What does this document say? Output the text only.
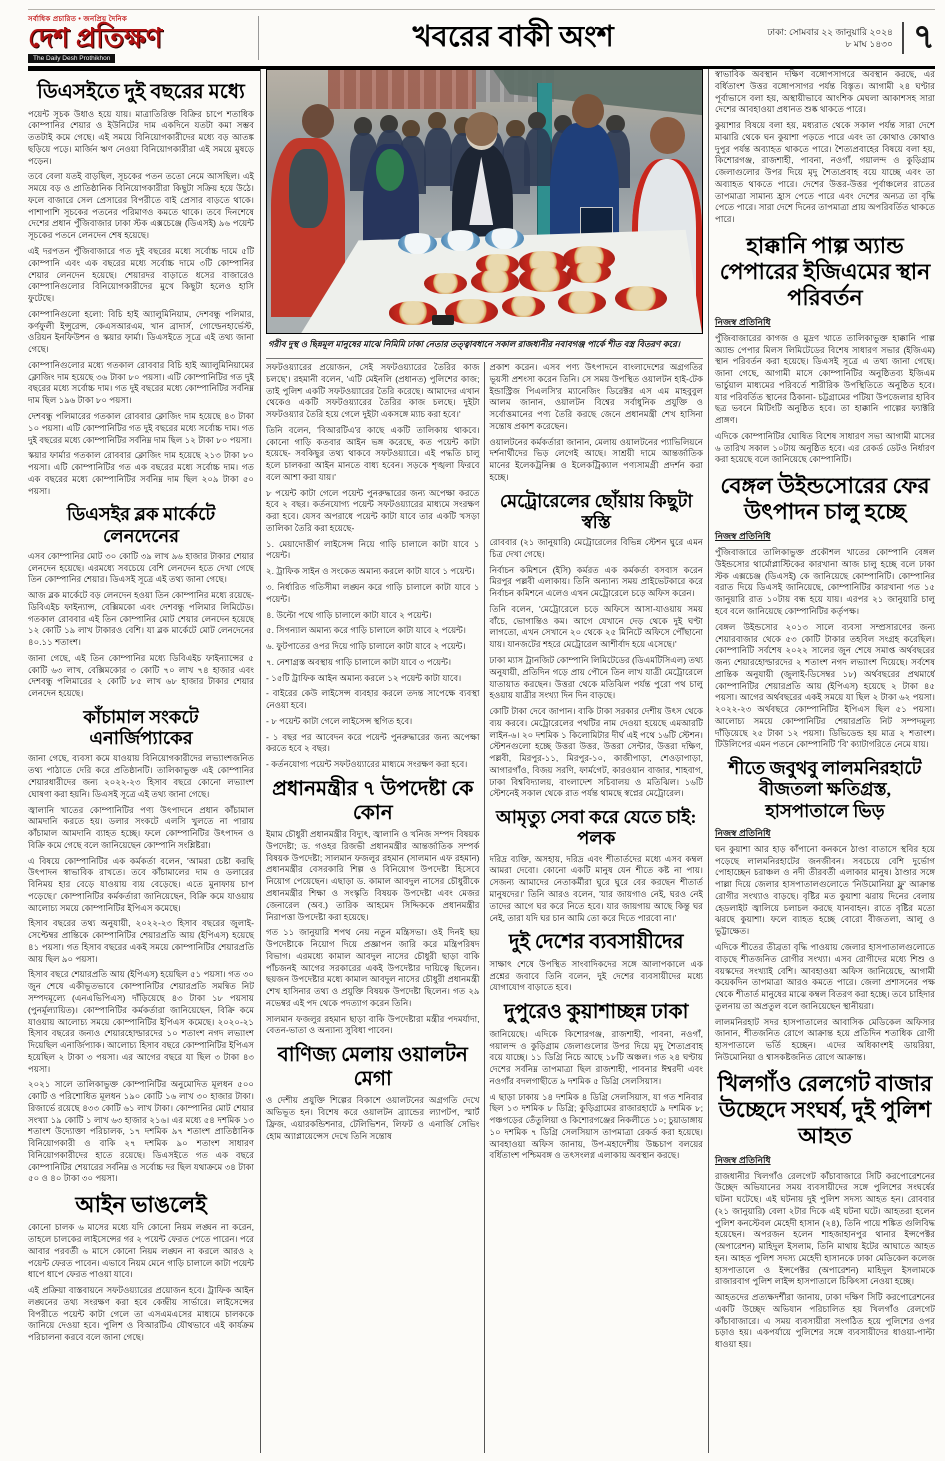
সর্বাধিক প্রচারিত • জনপ্রিয় দৈনিক
দেশ প্রতিক্ষণ
The Daily Desh Prothikhon
খবরের বাকী অংশ	ঢাকা: সোমবার ২২ জানুয়ারি ২০২৪
৮ মাঘ ১৪৩০ ৭
ডিএসইতে দুই বছরের মধ্যে

পয়েন্ট সূচক উধাও হয়ে যায়। মাত্রাতিরিক্ত বিক্রির চাপে শতাধিক কোম্পানির শেয়ার ও ইউনিটের দাম একদিনে যতটা কমা সম্ভব ততটাই কমে গেছে। এই সময়ে বিনিয়োগকারীদের মধ্যে বড় আতঙ্ক ছড়িয়ে পড়ে। মার্জিন ঋণ নেওয়া বিনিয়োগকারীরা এই সময়ে মুষড়ে পড়েন।

তবে বেলা যতই বাড়ছিল, সূচকের পতন ততো নেমে আসছিল। এই সময়ে বড় ও প্রাতিষ্ঠানিক বিনিয়োগকারীরা কিছুটা সক্রিয় হয়ে উঠে। ফলে বাজারে সেল প্রেসারের বিপরীতে বাই প্রেসার বাড়তে থাকে। পাশাপাশি সূচকের পতনের পরিমাণও কমতে থাকে। তবে দিনশেষে দেশের প্রধান পুঁজিবাজার ঢাকা স্টক এক্সচেঞ্জে (ডিএসই) ৯৬ পয়েন্ট সূচকের পতনে লেনদেন শেষ হয়েছে।

এই দরপতন পুঁজিবাজারে গত দুই বছরের মধ্যে সর্বোচ্চ দামে ৫টি কোম্পানি এবং এক বছরের মধ্যে সর্বোচ্চ দামে ৩টি কোম্পানির শেয়ার লেনদেন হয়েছে। শেয়ারদর বাড়াতে ধসের বাজারেও কোম্পানিগুলোর বিনিয়োগকারীদের মুখে কিছুটা হলেও হাসি ফুটেছে।

কোম্পানিগুলো হলো: বিচি হাই অ্যালুমিনিয়াম, দেশবন্ধু পলিমার, কর্ণফুলী ইন্সুরেন্স, কেএসআরএম, খান ব্রাদার্স, গোল্ডেনহার্ভেস্ট, ওরিয়ন ইনফিউশন ও স্কয়ার ফার্মা। ডিএসইতে সূত্রে এই তথ্য জানা গেছে।

কোম্পানিগুলোর মধ্যে গতকাল রোববার বিচি হাই অ্যালুমিনিয়ামের ক্লোজিং দাম হয়েছে ৩৬ টাকা ৮০ পয়সা। এটি কোম্পানিটির গত দুই বছরের মধ্যে সর্বোচ্চ দাম। গত দুই বছরের মধ্যে কোম্পানিটির সর্বনিম্ন দাম ছিল ১৯৬ টাকা ৮০ পয়সা।

দেশবন্ধু পলিমারের গতকাল রোববার ক্লোজিং দাম হয়েছে ৪৩ টাকা ১০ পয়সা। এটি কোম্পানিটির গত দুই বছরের মধ্যে সর্বোচ্চ দাম। গত দুই বছরের মধ্যে কোম্পানিটির সর্বনিম্ন দাম ছিল ১২ টাকা ৮০ পয়সা।

স্কয়ার ফার্মার গতকাল রোববার ক্লোজিং দাম হয়েছে ২১৩ টাকা ৮০ পয়সা। এটি কোম্পানিটির গত এক বছরের মধ্যে সর্বোচ্চ দাম। গত এক বছরের মধ্যে কোম্পানিটির সর্বনিম্ন দাম ছিল ২০৯ টাকা ৫০ পয়সা।

ডিএসইর ব্লক মার্কেটে লেনদেনের

এসব কোম্পানির মোট ৩০ কোটি ৩৯ লাখ ৯৬ হাজার টাকার শেয়ার লেনদেন হয়েছে। এরমধ্যে সবচেয়ে বেশি লেনদেন হতে দেখা গেছে তিন কোম্পানির শেয়ার। ডিএসই সূত্রে এই তথ্য জানা গেছে।

আজ ব্লক মার্কেটে বড় লেনদেন হওয়া তিন কোম্পানির মধ্যে রয়েছে- ডিবিএইচ ফাইন্যান্স, বেক্সিমকো এবং দেশবন্ধু পলিমার লিমিটেড। গতকাল রোববার এই তিন কোম্পানির মোট শেয়ার লেনদেন হয়েছে ১২ কোটি ১৯ লাখ টাকারও বেশি। যা ব্লক মার্কেটে মোট লেনদেনের ৪০.১১ শতাংশ।

জানা গেছে, এই তিন কোম্পানির মধ্যে ডিবিএইচ ফাইন্যান্সের ৫ কোটি ৬৩ লাখ, বেক্সিমকোর ৩ কোটি ৭০ লাখ ৭৪ হাজার এবং দেশবন্ধু পলিমারের ২ কোটি ৮৫ লাখ ৬৮ হাজার টাকার শেয়ার লেনদেন হয়েছে।

কাঁচামাল সংকটে এনার্জিপ্যাকের

জানা গেছে, ব্যবসা কমে যাওয়ায় বিনিয়োগকারীদের লভ্যাংশজনিত তথ্য পাঠাতে দেরি করে প্রতিষ্ঠানটি। তালিকাভুক্ত এই কোম্পানির শেয়ারধারীদের জন্য ২০২২-২৩ হিসাব বছরে কোনো লভ্যাংশ ঘোষণা করা হয়নি। ডিএসই সূত্রে এই তথ্য জানা গেছে।

জ্বালানি খাতের কোম্পানিটির পণ্য উৎপাদনে প্রধান কাঁচামাল আমদানি করতে হয়। ডলার সংকটে এলসি খুলতে না পারায় কাঁচামাল আমদানি ব্যাহত হচ্ছে। ফলে কোম্পানিটির উৎপাদন ও বিক্রি কমে গেছে বলে জানিয়েছেন কোম্পানি সংশ্লিষ্টরা।

এ বিষয়ে কোম্পানিটির এক কর্মকর্তা বলেন, 'আমরা চেষ্টা করছি উৎপাদন স্বাভাবিক রাখতে। তবে কাঁচামালের দাম ও ডলারের বিনিময় হার বেড়ে যাওয়ায় ব্যয় বেড়েছে। এতে মুনাফায় চাপ পড়েছে।' কোম্পানিটির কর্মকর্তারা জানিয়েছেন, বিক্রি কমে যাওয়ায় আলোচ্য সময়ে কোম্পানিটির ইপিএস কমেছে।

হিসাব বছরের তথ্য অনুযায়ী, ২০২২-২৩ হিসাব বছরের জুলাই-সেপ্টেম্বর প্রান্তিকে কোম্পানিটির শেয়ারপ্রতি আয় (ইপিএস) হয়েছে ৪১ পয়সা। গত হিসাব বছরের একই সময়ে কোম্পানিটির শেয়ারপ্রতি আয় ছিল ৯০ পয়সা।

হিসাব বছরে শেয়ারপ্রতি আয় (ইপিএস) হয়েছিল ৫১ পয়সা। গত ৩০ জুন শেষে একীভূতভাবে কোম্পানিটির শেয়ারপ্রতি সমন্বিত নিট সম্পদমূল্যে (এনএভিপিএস) দাঁড়িয়েছে ৪৩ টাকা ১৮ পয়সায় (পুনর্মূল্যায়িত)। কোম্পানিটির কর্মকর্তারা জানিয়েছেন, বিক্রি কমে যাওয়ায় আলোচ্য সময়ে কোম্পানিটির ইপিএস কমেছে। ২০২০-২১ হিসাব বছরের জন্যও শেয়ারহোল্ডারদের ১০ শতাংশ নগদ লভ্যাংশ দিয়েছিল এনার্জিপ্যাক। আলোচ্য হিসাব বছরে কোম্পানিটির ইপিএস হয়েছিল ২ টাকা ৩ পয়সা। এর আগের বছরে যা ছিল ৩ টাকা ৪৩ পয়সা।

২০২১ সালে তালিকাভুক্ত কোম্পানিটির অনুমোদিত মূলধন ৫০০ কোটি ও পরিশোধিত মূলধন ১৯০ কোটি ১৬ লাখ ৩০ হাজার টাকা। রিজার্ভে রয়েছে ৪৩৩ কোটি ৬১ লাখ টাকা। কোম্পানির মোট শেয়ার সংখ্যা ১৯ কোটি ১ লাখ ৬৩ হাজার ২১৬। এর মধ্যে ৫৪ দশমিক ১৩ শতাংশ উদ্যোক্তা পরিচালক, ১৭ দশমিক ৯৭ শতাংশ প্রাতিষ্ঠানিক বিনিয়োগকারী ও বাকি ২৭ দশমিক ৯০ শতাংশ সাধারণ বিনিয়োগকারীদের হাতে রয়েছে। ডিএসইতে গত এক বছরে কোম্পানিটির শেয়ারের সর্বনিম্ন ও সর্বোচ্চ দর ছিল যথাক্রমে ৩৪ টাকা ৫০ ও ৪০ টাকা ৩০ পয়সা।

আইন ভাঙলেই

কোনো চালক ৬ মাসের মধ্যে যদি কোনো নিয়ম লঙ্ঘন না করেন, তাহলে চালকের লাইসেন্সের গর ২ পয়েন্ট ফেরত পেতে পারেন। পরে আবার পরবর্তী ৬ মাসে কোনো নিয়ম লঙ্ঘন না করলে আরও ২ পয়েন্ট ফেরত পাবেন। এভাবে নিয়ম মেনে গাড়ি চালালে কাটা পয়েন্ট ধাপে ধাপে ফেরত পাওয়া যাবে।

এই প্রক্রিয়া বাস্তবায়নে সফটওয়্যারের প্রয়োজন হবে। ট্রাফিক আইন লঙ্ঘনের তথ্য সংরক্ষণ করা হবে কেন্দ্রীয় সার্ভারে। লাইসেন্সের বিপরীতে পয়েন্ট কাটা গেলে তা এসএমএসের মাধ্যমে চালককে জানিয়ে দেওয়া হবে। পুলিশ ও বিআরটিএ যৌথভাবে এই কার্যক্রম পরিচালনা করবে বলে জানা গেছে।

গরীব দুস্থ ও ছিন্নমূল মানুষের মাঝে নিমিমি ঢাকা নেতার তত্ত্বাবধানে সকাল রাজধানীর নবাবগঞ্জ পার্কে শীত বস্ত্র বিতরণ করে।

সফটওয়্যারের প্রয়োজন, সেই সফটওয়্যারের তৈরির কাজ চলছে'। রহমানী বলেন, 'এটি মেইনলি (প্রধানত) পুলিশের কাজ; তাই পুলিশ একটি সফটওয়্যারের তৈরি করেছে। আমাদের এখান থেকেও একটি সফটওয়্যারের তৈরির কাজ চলছে। দুইটা সফটওয়্যার তৈরি হয়ে গেলে দুইটা একসঙ্গে ম্যাচ করা হবে।'

তিনি বলেন, 'বিআরটিএ'র কাছে একটি তালিকায় থাকবে। কোনো গাড়ি কতবার আইন ভঙ্গ করেছে, কত পয়েন্ট কাটা হয়েছে- সবকিছুর তথ্য থাকবে সফটওয়্যারে। এই পদ্ধতি চালু হলে চালকরা আইন মানতে বাধ্য হবেন। সড়কে শৃঙ্খলা ফিরবে বলে আশা করা যায়।'

৮ পয়েন্ট কাটা গেলে পয়েন্ট পুনরুদ্ধারের জন্য অপেক্ষা করতে হবে ২ বছর। কর্তনযোগ্য পয়েন্ট সফটওয়্যারের মাধ্যমে সংরক্ষণ করা হবে। যেসব অপরাধে পয়েন্ট কাটা যাবে তার একটি খসড়া তালিকা তৈরি করা হয়েছে-

১. মেয়াদোত্তীর্ণ লাইসেন্স নিয়ে গাড়ি চালালে কাটা যাবে ১ পয়েন্ট।

২. ট্রাফিক সাইন ও সংকেত অমান্য করলে কাটা যাবে ১ পয়েন্ট।

৩. নির্ধারিত গতিসীমা লঙ্ঘন করে গাড়ি চালালে কাটা যাবে ১ পয়েন্ট।

৪. উল্টো পথে গাড়ি চালালে কাটা যাবে ২ পয়েন্ট।

৫. সিগন্যাল অমান্য করে গাড়ি চালালে কাটা যাবে ২ পয়েন্ট।

৬. ফুটপাতের ওপর দিয়ে গাড়ি চালালে কাটা যাবে ২ পয়েন্ট।

৭. নেশাগ্রস্ত অবস্থায় গাড়ি চালালে কাটা যাবে ৩ পয়েন্ট।

- ১৫টি ট্রাফিক আইন অমান্য করলে ১২ পয়েন্ট কাটা যাবে।

- বাইরের কেউ লাইসেন্স ব্যবহার করলে তদন্ত সাপেক্ষে ব্যবস্থা নেওয়া হবে।

- ৮ পয়েন্ট কাটা গেলে লাইসেন্স স্থগিত হবে।

- ১ বছর পর আবেদন করে পয়েন্ট পুনরুদ্ধারের জন্য অপেক্ষা করতে হবে ২ বছর।

- কর্তনযোগ্য পয়েন্ট সফটওয়্যারের মাধ্যমে সংরক্ষণ করা হবে।

প্রধানমন্ত্রীর ৭ উপদেষ্টা কে কোন

ইমাম চৌধুরী প্রধানমন্ত্রীর বিদ্যুৎ, জ্বালানি ও খনিজ সম্পদ বিষয়ক উপদেষ্টা; ড. গওহর রিজভী প্রধানমন্ত্রীর আন্তর্জাতিক সম্পর্ক বিষয়ক উপদেষ্টা; সালমান ফজলুর রহমান (সালমান এফ রহমান) প্রধানমন্ত্রীর বেসরকারি শিল্প ও বিনিয়োগ উপদেষ্টা হিসেবে নিয়োগ পেয়েছেন। এছাড়া ড. কামাল আবদুল নাসের চৌধুরীকে প্রধানমন্ত্রীর শিক্ষা ও সংস্কৃতি বিষয়ক উপদেষ্টা এবং মেজর জেনারেল (অব.) তারিক আহমেদ সিদ্দিককে প্রধানমন্ত্রীর নিরাপত্তা উপদেষ্টা করা হয়েছে।

গত ১১ জানুয়ারি শপথ নেয় নতুন মন্ত্রিসভা। ওই দিনই ছয় উপদেষ্টাকে নিয়োগ দিয়ে প্রজ্ঞাপন জারি করে মন্ত্রিপরিষদ বিভাগ। এরমধ্যে কামাল আবদুল নাসের চৌধুরী ছাড়া বাকি পাঁচজনই আগের সরকারের একই উপদেষ্টার দায়িত্বে ছিলেন। ছয়জন উপদেষ্টার মধ্যে কামাল আবদুল নাসের চৌধুরী প্রধানমন্ত্রী শেখ হাসিনার তথ্য ও প্রযুক্তি বিষয়ক উপদেষ্টা ছিলেন। গত ২৯ নভেম্বর এই পদ থেকে পদত্যাগ করেন তিনি।

সালমান ফজলুর রহমান ছাড়া বাকি উপদেষ্টারা মন্ত্রীর পদমর্যাদা, বেতন-ভাতা ও অন্যান্য সুবিধা পাবেন।

বাণিজ্য মেলায় ওয়ালটন মেগা

ও দেশীয় প্রযুক্তি শিল্পের বিকাশে ওয়ালটনের অগ্রগতি দেখে অভিভূত হন। বিশেষ করে ওয়ালটন ব্র্যান্ডের ল্যাপটপ, স্মার্ট ফ্রিজ, এয়ারকন্ডিশনার, টেলিভিশন, লিফট ও এনার্জি সেভিং হোম অ্যাপ্লায়েন্সেস দেখে তিনি সন্তোষ

প্রকাশ করেন। এসব পণ্য উৎপাদনে বাংলাদেশের অগ্রগতির ভূয়সী প্রশংসা করেন তিনি। সে সময় উপস্থিত ওয়ালটন হাই-টেক ইন্ডাস্ট্রিজ পিএলসি'র ম্যানেজিং ডিরেক্টর এস এম মাহবুবুল আলম জানান, ওয়ালটন বিশ্বের সর্বাধুনিক প্রযুক্তি ও সর্বোত্তমানের পণ্য তৈরি করছে জেনে প্রধানমন্ত্রী শেখ হাসিনা সন্তোষ প্রকাশ করেছেন।

ওয়ালটনের কর্মকর্তারা জানান, মেলায় ওয়ালটনের প্যাভিলিয়নে দর্শনার্থীদের ভিড় লেগেই আছে। সাশ্রয়ী দামে আন্তর্জাতিক মানের ইলেকট্রনিক্স ও ইলেকট্রিক্যাল পণ্যসামগ্রী প্রদর্শন করা হচ্ছে।

মেট্রোরেলের ছোঁয়ায় কিছুটা স্বস্তি

রোববার (২১ জানুয়ারি) মেট্রোরেলের বিভিন্ন স্টেশন ঘুরে এমন চিত্র দেখা গেছে।

নির্বাচন কমিশনে (ইসি) কর্মরত এক কর্মকর্তা বসবাস করেন মিরপুর পল্লবী এলাকায়। তিনি অন্যান্য সময় প্রাইভেটকারে করে নির্বাচন কমিশনে এলেও এখন মেট্রোরেলে চড়ে অফিস করেন।

তিনি বলেন, 'মেট্রোরেলে চড়ে অফিসে আসা-যাওয়ায় সময় বাঁচে, ভোগান্তিও কম। আগে যেখানে দেড় থেকে দুই ঘণ্টা লাগতো, এখন সেখানে ২০ থেকে ২৫ মিনিটে অফিসে পৌঁছানো যায়। যানজটের শহরে মেট্রোরেল আশীর্বাদ হয়ে এসেছে।'

ঢাকা ম্যাস ট্রানজিট কোম্পানি লিমিটেডের (ডিএমটিসিএল) তথ্য অনুযায়ী, প্রতিদিন গড়ে প্রায় পৌনে তিন লাখ যাত্রী মেট্রোরেলে যাতায়াত করছেন। উত্তরা থেকে মতিঝিল পর্যন্ত পুরো পথ চালু হওয়ায় যাত্রীর সংখ্যা দিন দিন বাড়ছে।

কোটি টাকা দেবে জাপান। বাকি টাকা সরকার দেশীয় উৎস থেকে ব্যয় করবে। মেট্রোরেলের পথটির নাম দেওয়া হয়েছে এমআরটি লাইন-৬। ২০ দশমিক ১ কিলোমিটার দীর্ঘ এই পথে ১৬টি স্টেশন। স্টেশনগুলো হচ্ছে উত্তরা উত্তর, উত্তরা সেন্টার, উত্তরা দক্ষিণ, পল্লবী, মিরপুর-১১, মিরপুর-১০, কাজীপাড়া, শেওড়াপাড়া, আগারগাঁও, বিজয় সরণি, ফার্মগেট, কারওয়ান বাজার, শাহবাগ, ঢাকা বিশ্ববিদ্যালয়, বাংলাদেশ সচিবালয় ও মতিঝিল। ১৬টি স্টেশনেই সকাল থেকে রাত পর্যন্ত থামছে স্বপ্নের মেট্রোরেল।

আমৃত্যু সেবা করে যেতে চাই: পলক

দরিদ্র ব্যক্তি, অসহায়, দরিদ্র এবং শীতার্তদের মধ্যে এসব কম্বল আমরা দেবো। কোনো একটি মানুষ যেন শীতে কষ্ট না পায়। সেজন্য আমাদের নেতাকর্মীরা ঘুরে ঘুরে বের করছেন শীতার্ত মানুষদের।' তিনি আরও বলেন, 'যার জায়গাও নেই, ঘরও নেই তাদের আগে ঘর করে নিতে হবে। যার জায়গায় আছে কিন্তু ঘর নেই, তারা যদি ঘর চান আমি তো করে দিতে পারবো না।'

দুই দেশের ব্যবসায়ীদের

সাক্ষাৎ শেষে উপস্থিত সাংবাদিকদের সঙ্গে আলাপকালে এক প্রশ্নের জবাবে তিনি বলেন, দুই দেশের ব্যবসায়ীদের মধ্যে যোগাযোগ বাড়াতে হবে।

দুপুরেও কুয়াশাচ্ছন্ন ঢাকা

জানিয়েছে। এদিকে কিশোরগঞ্জ, রাজশাহী, পাবনা, নওগাঁ, গয়ালন্দ ও কুড়িগ্রাম জেলাগুলোর উপর দিয়ে মৃদু শৈত্যপ্রবাহ বয়ে যাচ্ছে। ১১ ডিগ্রি নিচে আছে ১৮টি অঞ্চল। গত ২৪ ঘণ্টায় দেশের সর্বনিম্ন তাপমাত্রা ছিল রাজশাহী, পাবনার ঈশ্বরদী এবং নওগাঁর বদলগাছীতে ৯ দশমিক ৫ ডিগ্রি সেলসিয়াস।

এ ছাড়া ঢাকায় ১৪ দশমিক ৪ ডিগ্রি সেলসিয়াস, যা গত শনিবার ছিল ১৩ দশমিক ৮ ডিগ্রি; কুড়িগ্রামের রাজারহাটে ৯ দশমিক ৮; পঞ্চগড়ের তেঁতুলিয়া ও কিশোরগঞ্জের নিকলীতে ১০; চুয়াডাঙ্গায় ১০ দশমিক ৭ ডিগ্রি সেলসিয়াস তাপমাত্রা রেকর্ড করা হয়েছে। আবহাওয়া অফিস জানায়, উপ-মহাদেশীয় উচ্চচাপ বলয়ের বর্ধিতাংশ পশ্চিমবঙ্গ ও তৎসংলগ্ন এলাকায় অবস্থান করছে।

স্বাভাবিক অবস্থান দক্ষিণ বঙ্গোপসাগরে অবস্থান করছে, এর বর্ধিতাংশ উত্তর বঙ্গোপসাগর পর্যন্ত বিস্তৃত। আগামী ২৪ ঘণ্টার পূর্বাভাসে বলা হয়, অস্থায়ীভাবে আংশিক মেঘলা আকাশসহ সারা দেশের আবহাওয়া প্রধানত শুষ্ক থাকতে পারে।

কুয়াশার বিষয়ে বলা হয়, মধ্যরাত থেকে সকাল পর্যন্ত সারা দেশে মাঝারি থেকে ঘন কুয়াশা পড়তে পারে এবং তা কোথাও কোথাও দুপুর পর্যন্ত অব্যাহত থাকতে পারে। শৈত্যপ্রবাহের বিষয়ে বলা হয়, কিশোরগঞ্জ, রাজশাহী, পাবনা, নওগাঁ, গয়ালন্দ ও কুড়িগ্রাম জেলাগুলোর উপর দিয়ে মৃদু শৈত্যপ্রবাহ বয়ে যাচ্ছে এবং তা অব্যাহত থাকতে পারে। দেশের উত্তর-উত্তর পূর্বাঞ্চলের রাতের তাপমাত্রা সামান্য হ্রাস পেতে পারে এবং দেশের অন্যত্র তা বৃদ্ধি পেতে পারে। সারা দেশে দিনের তাপমাত্রা প্রায় অপরিবর্তিত থাকতে পারে।

হাক্কানি পাল্প অ্যান্ড পেপারের ইজিএমের স্থান পরিবর্তন
নিজস্ব প্রতিনিধি

পুঁজিবাজারের কাগজ ও মুদ্রণ খাতে তালিকাভুক্ত হাক্কানি পাল্প অ্যান্ড পেপার মিলস লিমিটেডের বিশেষ সাধারণ সভার (ইজিএম) স্থান পরিবর্তন করা হয়েছে। ডিএসই সূত্রে এ তথ্য জানা গেছে। জানা গেছে, আগামী মাসে কোম্পানিটির অনুষ্ঠিতব্য ইজিএম ভার্চুয়াল মাধ্যমের পরিবর্তে শারীরিক উপস্থিতিতে অনুষ্ঠিত হবে। যার পরিবর্তিত স্থানের ঠিকানা- চট্টগ্রামের পটিয়া উপজেলার হাবিব ছত্র ভবনে মিটিংটি অনুষ্ঠিত হবে। তা হাক্কানি পাল্পের ফ্যাক্টরি প্রাঙ্গণ।

এদিকে কোম্পানিটির ঘোষিত বিশেষ সাধারণ সভা আগামী মাসের ৬ তারিখ সকাল ১০টায় অনুষ্ঠিত হবে। এর রেকর্ড ডেটও নির্ধারণ করা হয়েছে বলে জানিয়েছে কোম্পানিটি।

বেঙ্গল উইন্ডসোরের ফের উৎপাদন চালু হচ্ছে
নিজস্ব প্রতিনিধি

পুঁজিবাজারে তালিকাভুক্ত প্রকৌশল খাতের কোম্পানি বেঙ্গল উইন্ডসোর থার্মোপ্লাস্টিকের কারখানা আজ চালু হচ্ছে বলে ঢাকা স্টক এক্সচেঞ্জ (ডিএসই) কে জানিয়েছে কোম্পানিটি। কোম্পানির বরাত দিয়ে ডিএসই জানিয়েছে, কোম্পানিটির কারখানা গত ১৫ জানুয়ারি রাত ১০টায় বন্ধ হয়ে যায়। এরপর ২১ জানুয়ারি চালু হবে বলে জানিয়েছে কোম্পানিটির কর্তৃপক্ষ।

বেঙ্গল উইন্ডসোর ২০১৩ সালে ব্যবসা সম্প্রসারণের জন্য শেয়ারবাজার থেকে ৫৩ কোটি টাকার তহবিল সংগ্রহ করেছিল। কোম্পানিটি সর্বশেষ ২০২২ সালের জুন শেষে সমাপ্ত অর্থবছরের জন্য শেয়ারহোল্ডারদের ২ শতাংশ নগদ লভ্যাংশ দিয়েছে। সর্বশেষ প্রান্তিক অনুযায়ী (জুলাই-ডিসেম্বর ১৮) অর্থবছরের প্রথমার্ধে কোম্পানিটির শেয়ারপ্রতি আয় (ইপিএস) হয়েছে ২ টাকা ৪৫ পয়সা। আগের অর্থবছরের একই সময়ে যা ছিল ২ টাকা ৬২ পয়সা। ২০২২-২৩ অর্থবছরে কোম্পানিটির ইপিএস ছিল ৫১ পয়সা। আলোচ্য সময়ে কোম্পানিটির শেয়ারপ্রতি নিট সম্পদমূল্য দাঁড়িয়েছে ২৫ টাকা ১২ পয়সা। ডিভিডেন্ড হয় মাত্র ২ শতাংশ। টিউলিপের এমন পতনে কোম্পানিটি 'বি' ক্যাটাগরিতে নেমে যায়।

শীতে জবুথবু লালমনিরহাটে বীজতলা ক্ষতিগ্রস্ত, হাসপাতালে ভিড়
নিজস্ব প্রতিনিধি

ঘন কুয়াশা আর হাড় কাঁপানো কনকনে ঠাণ্ডা বাতাসে স্থবির হয়ে পড়েছে লালমনিরহাটের জনজীবন। সবচেয়ে বেশি দুর্ভোগ পোহাচ্ছেন চরাঞ্চল ও নদী তীরবর্তী এলাকার মানুষ। ঠাণ্ডার সঙ্গে পাল্লা দিয়ে জেলার হাসপাতালগুলোতে 'নিউমোনিয়া ফ্লু' আক্রান্ত রোগীর সংখ্যাও বাড়ছে। বৃষ্টির মত কুয়াশা ঝরায় দিনের বেলায় হেডলাইট জ্বালিয়ে চলাচল করছে যানবাহন। রাতে বৃষ্টির মতো ঝরছে কুয়াশা। ফলে ব্যাহত হচ্ছে বোরো বীজতলা, আলু ও ভুট্টাক্ষেত।

এদিকে শীতের তীব্রতা বৃদ্ধি পাওয়ায় জেলার হাসপাতালগুলোতে বাড়ছে শীতজনিত রোগীর সংখ্যা। এসব রোগীদের মধ্যে শিশু ও বয়স্কদের সংখ্যাই বেশি। আবহাওয়া অফিস জানিয়েছে, আগামী কয়েকদিন তাপমাত্রা আরও কমতে পারে। জেলা প্রশাসনের পক্ষ থেকে শীতার্ত মানুষের মাঝে কম্বল বিতরণ করা হচ্ছে। তবে চাহিদার তুলনায় তা অপ্রতুল বলে জানিয়েছেন স্থানীয়রা।

লালমনিরহাট সদর হাসপাতালের আবাসিক মেডিকেল অফিসার জানান, শীতজনিত রোগে আক্রান্ত হয়ে প্রতিদিন শতাধিক রোগী হাসপাতালে ভর্তি হচ্ছেন। এদের অধিকাংশই ডায়রিয়া, নিউমোনিয়া ও শ্বাসকষ্টজনিত রোগে আক্রান্ত।

খিলগাঁও রেলগেট বাজার উচ্ছেদে সংঘর্ষ, দুই পুলিশ আহত
নিজস্ব প্রতিনিধি

রাজধানীর খিলগাঁও রেলগেট কাঁচাবাজারে সিটি করপোরেশনের উচ্ছেদ অভিযানের সময় ব্যবসায়ীদের সঙ্গে পুলিশের সংঘর্ষের ঘটনা ঘটেছে। এই ঘটনায় দুই পুলিশ সদস্য আহত হন। রোববার (২১ জানুয়ারি) বেলা ২টার দিকে এই ঘটনা ঘটে। আহতরা হলেন পুলিশ কনস্টেবল মেহেদী হাসান (২৪), তিনি পায়ে শঙ্কিত গুলিবিদ্ধ হয়েছেন। অপরজন হলেন শাহজাহানপুর থানার ইন্সপেক্টর (অপারেশন) মাহিদুল ইসলাম, তিনি মাথায় ইটের আঘাতে আহত হন। আহত পুলিশ সদস্য মেহেদী হাসানকে ঢাকা মেডিকেল কলেজ হাসপাতালে ও ইন্সপেক্টর (অপারেশন) মাহিদুল ইসলামকে রাজারবাগ পুলিশ লাইন্স হাসপাতালে চিকিৎসা নেওয়া হচ্ছে।

আহতদের প্রত্যক্ষদর্শীরা জানায়, ঢাকা দক্ষিণ সিটি করপোরেশনের একটি উচ্ছেদ অভিযান পরিচালিত হয় খিলগাঁও রেলগেট কাঁচাবাজারে। এ সময় ব্যবসায়ীরা সংগঠিত হয়ে পুলিশের ওপর চড়াও হয়। একপর্যায়ে পুলিশের সঙ্গে ব্যবসায়ীদের ধাওয়া-পাল্টা ধাওয়া হয়।
